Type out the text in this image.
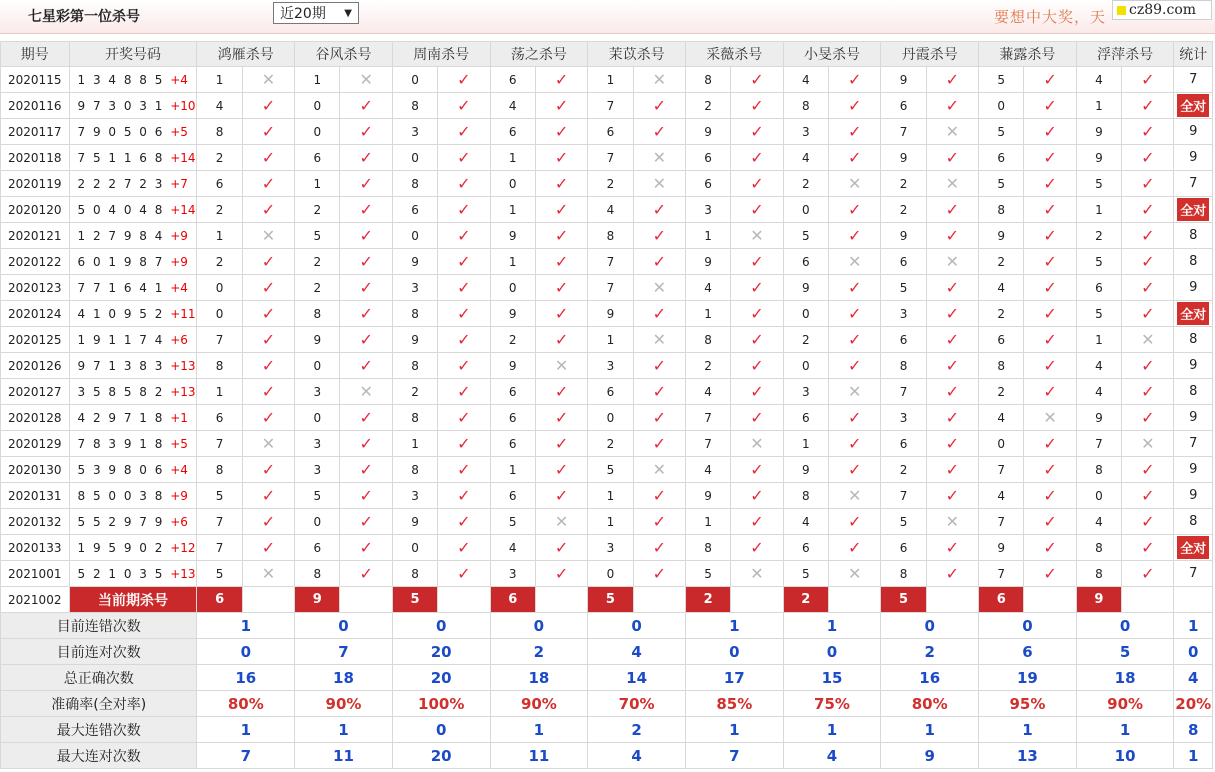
七星彩第一位杀号	近20期 ▼	要想中大奖，天	cz89.com
期号	开奖号码	鸿雁杀号		谷风杀号		周南杀号		荡之杀号		茉苡杀号		采薇杀号		小旻杀号		丹霞杀号		蒹露杀号		浮萍杀号		统计
2020115	1 3 4 8 8 5 +4	1	✕	1	✕	0	✓	6	✓	1	✕	8	✓	4	✓	9	✓	5	✓	4	✓	7
2020116	9 7 3 0 3 1 +10	4	✓	0	✓	8	✓	4	✓	7	✓	2	✓	8	✓	6	✓	0	✓	1	✓	全对
2020117	7 9 0 5 0 6 +5	8	✓	0	✓	3	✓	6	✓	6	✓	9	✓	3	✓	7	✕	5	✓	9	✓	9
2020118	7 5 1 1 6 8 +14	2	✓	6	✓	0	✓	1	✓	7	✕	6	✓	4	✓	9	✓	6	✓	9	✓	9
2020119	2 2 2 7 2 3 +7	6	✓	1	✓	8	✓	0	✓	2	✕	6	✓	2	✕	2	✕	5	✓	5	✓	7
2020120	5 0 4 0 4 8 +14	2	✓	2	✓	6	✓	1	✓	4	✓	3	✓	0	✓	2	✓	8	✓	1	✓	全对
2020121	1 2 7 9 8 4 +9	1	✕	5	✓	0	✓	9	✓	8	✓	1	✕	5	✓	9	✓	9	✓	2	✓	8
2020122	6 0 1 9 8 7 +9	2	✓	2	✓	9	✓	1	✓	7	✓	9	✓	6	✕	6	✕	2	✓	5	✓	8
2020123	7 7 1 6 4 1 +4	0	✓	2	✓	3	✓	0	✓	7	✕	4	✓	9	✓	5	✓	4	✓	6	✓	9
2020124	4 1 0 9 5 2 +11	0	✓	8	✓	8	✓	9	✓	9	✓	1	✓	0	✓	3	✓	2	✓	5	✓	全对
2020125	1 9 1 1 7 4 +6	7	✓	9	✓	9	✓	2	✓	1	✕	8	✓	2	✓	6	✓	6	✓	1	✕	8
2020126	9 7 1 3 8 3 +13	8	✓	0	✓	8	✓	9	✕	3	✓	2	✓	0	✓	8	✓	8	✓	4	✓	9
2020127	3 5 8 5 8 2 +13	1	✓	3	✕	2	✓	6	✓	6	✓	4	✓	3	✕	7	✓	2	✓	4	✓	8
2020128	4 2 9 7 1 8 +1	6	✓	0	✓	8	✓	6	✓	0	✓	7	✓	6	✓	3	✓	4	✕	9	✓	9
2020129	7 8 3 9 1 8 +5	7	✕	3	✓	1	✓	6	✓	2	✓	7	✕	1	✓	6	✓	0	✓	7	✕	7
2020130	5 3 9 8 0 6 +4	8	✓	3	✓	8	✓	1	✓	5	✕	4	✓	9	✓	2	✓	7	✓	8	✓	9
2020131	8 5 0 0 3 8 +9	5	✓	5	✓	3	✓	6	✓	1	✓	9	✓	8	✕	7	✓	4	✓	0	✓	9
2020132	5 5 2 9 7 9 +6	7	✓	0	✓	9	✓	5	✕	1	✓	1	✓	4	✓	5	✕	7	✓	4	✓	8
2020133	1 9 5 9 0 2 +12	7	✓	6	✓	0	✓	4	✓	3	✓	8	✓	6	✓	6	✓	9	✓	8	✓	全对
2021001	5 2 1 0 3 5 +13	5	✕	8	✓	8	✓	3	✓	0	✓	5	✕	5	✕	8	✓	7	✓	8	✓	7
2021002	当前期杀号	6		9		5		6		5		2		2		5		6		9		
目前连错次数		1		0		0		0		0		1		1		0		0		0		1
目前连对次数		0		7		20		2		4		0		0		2		6		5		0
总正确次数		16		18		20		18		14		17		15		16		19		18		4
准确率(全对率)		80%		90%		100%		90%		70%		85%		75%		80%		95%		90%		20%
最大连错次数		1		1		0		1		2		1		1		1		1		1		8
最大连对次数		7		11		20		11		4		7		4		9		13		10		1
